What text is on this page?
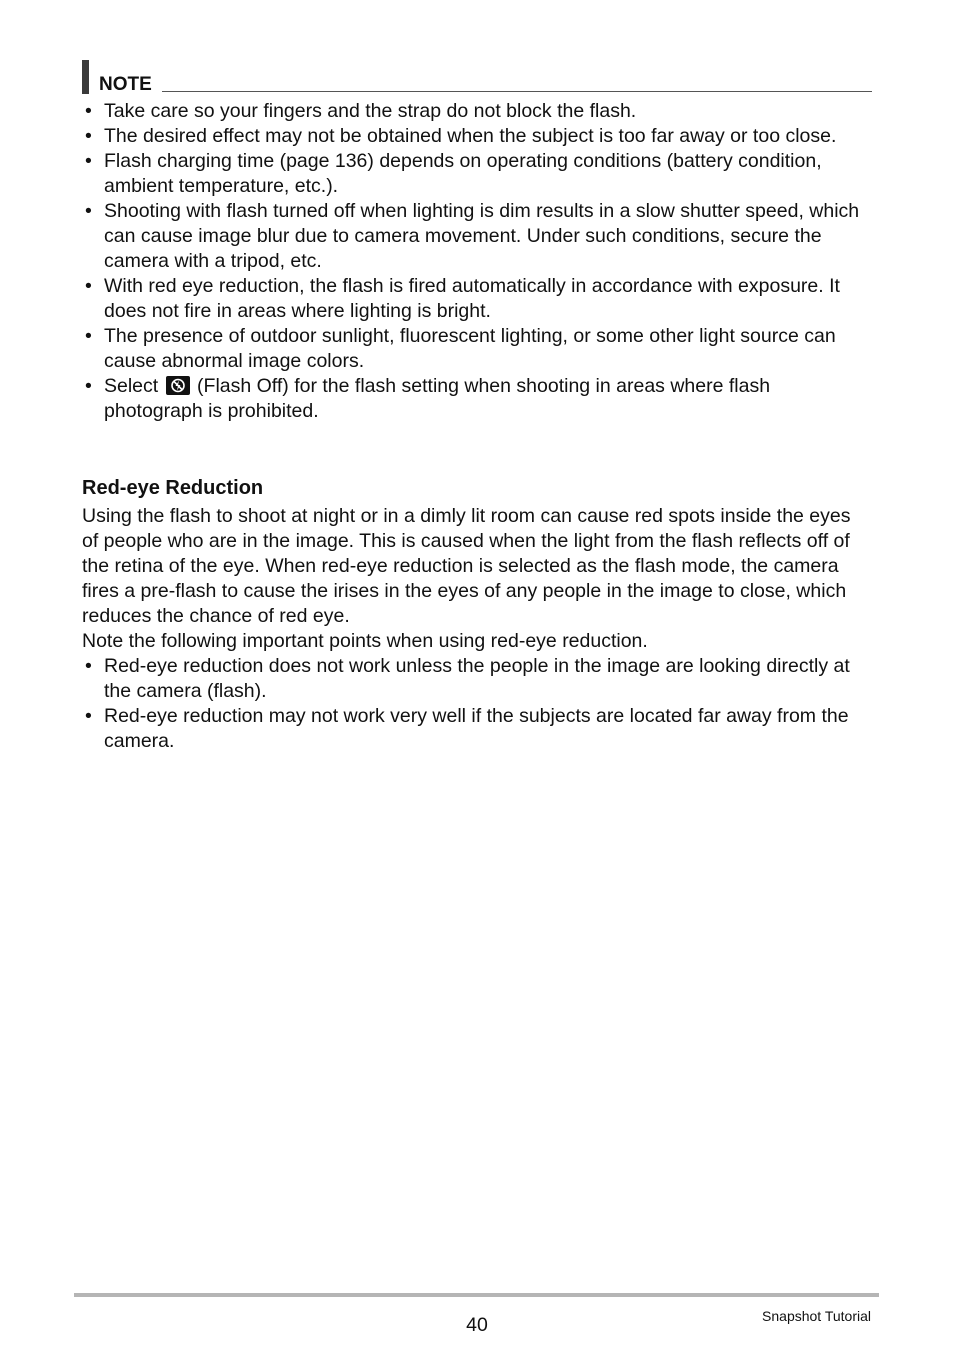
NOTE
• Take care so your fingers and the strap do not block the flash.
• The desired effect may not be obtained when the subject is too far away or too close.
• Flash charging time (page 136) depends on operating conditions (battery condition, ambient temperature, etc.).
• Shooting with flash turned off when lighting is dim results in a slow shutter speed, which can cause image blur due to camera movement. Under such conditions, secure the camera with a tripod, etc.
• With red eye reduction, the flash is fired automatically in accordance with exposure. It does not fire in areas where lighting is bright.
• The presence of outdoor sunlight, fluorescent lighting, or some other light source can cause abnormal image colors.
• Select
(Flash Off) for the flash setting when shooting in areas where flash photograph is prohibited.
Red-eye Reduction

Using the flash to shoot at night or in a dimly lit room can cause red spots inside the eyes of people who are in the image. This is caused when the light from the flash reflects off of the retina of the eye. When red-eye reduction is selected as the flash mode, the camera fires a pre-flash to cause the irises in the eyes of any people in the image to close, which reduces the chance of red eye.

Note the following important points when using red-eye reduction.

• Red-eye reduction does not work unless the people in the image are looking directly at the camera (flash).
• Red-eye reduction may not work very well if the subjects are located far away from the camera.
40	Snapshot Tutorial
